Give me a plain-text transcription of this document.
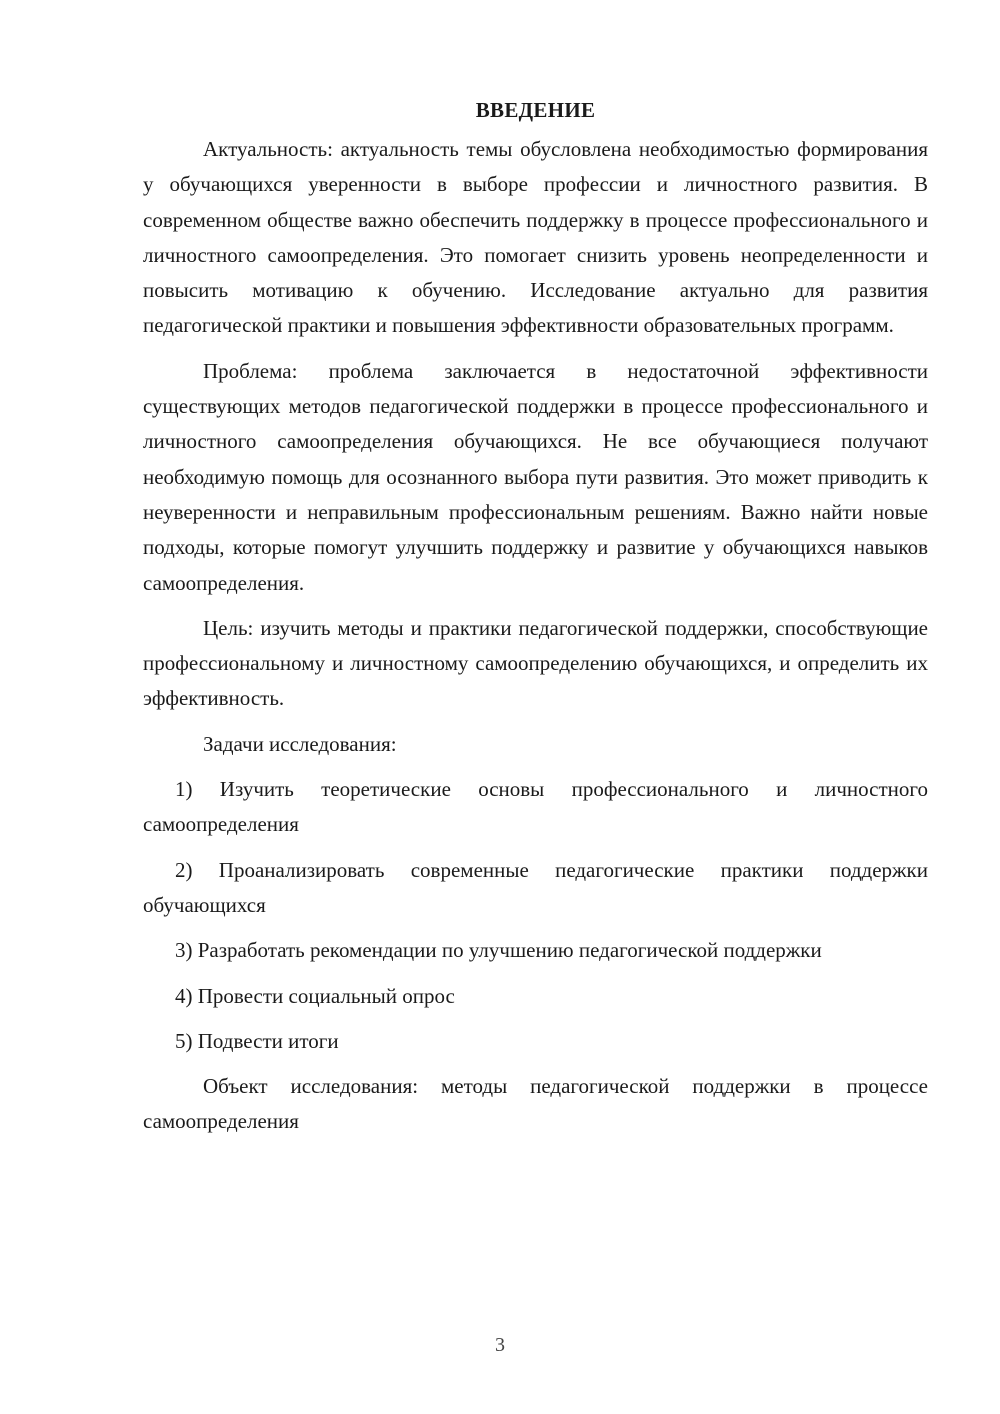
ВВЕДЕНИЕ

Актуальность: актуальность темы обусловлена необходимостью формирования у обучающихся уверенности в выборе профессии и личностного развития. В современном обществе важно обеспечить поддержку в процессе профессионального и личностного самоопределения. Это помогает снизить уровень неопределенности и повысить мотивацию к обучению. Исследование актуально для развития педагогической практики и повышения эффективности образовательных программ.

Проблема: проблема заключается в недостаточной эффективности существующих методов педагогической поддержки в процессе профессионального и личностного самоопределения обучающихся. Не все обучающиеся получают необходимую помощь для осознанного выбора пути развития. Это может приводить к неуверенности и неправильным профессиональным решениям. Важно найти новые подходы, которые помогут улучшить поддержку и развитие у обучающихся навыков самоопределения.

Цель: изучить методы и практики педагогической поддержки, способствующие профессиональному и личностному самоопределению обучающихся, и определить их эффективность.

Задачи исследования:

1) Изучить теоретические основы профессионального и личностного самоопределения

2) Проанализировать современные педагогические практики поддержки обучающихся

3) Разработать рекомендации по улучшению педагогической поддержки

4) Провести социальный опрос

5) Подвести итоги

Объект исследования: методы педагогической поддержки в процессе самоопределения

3
